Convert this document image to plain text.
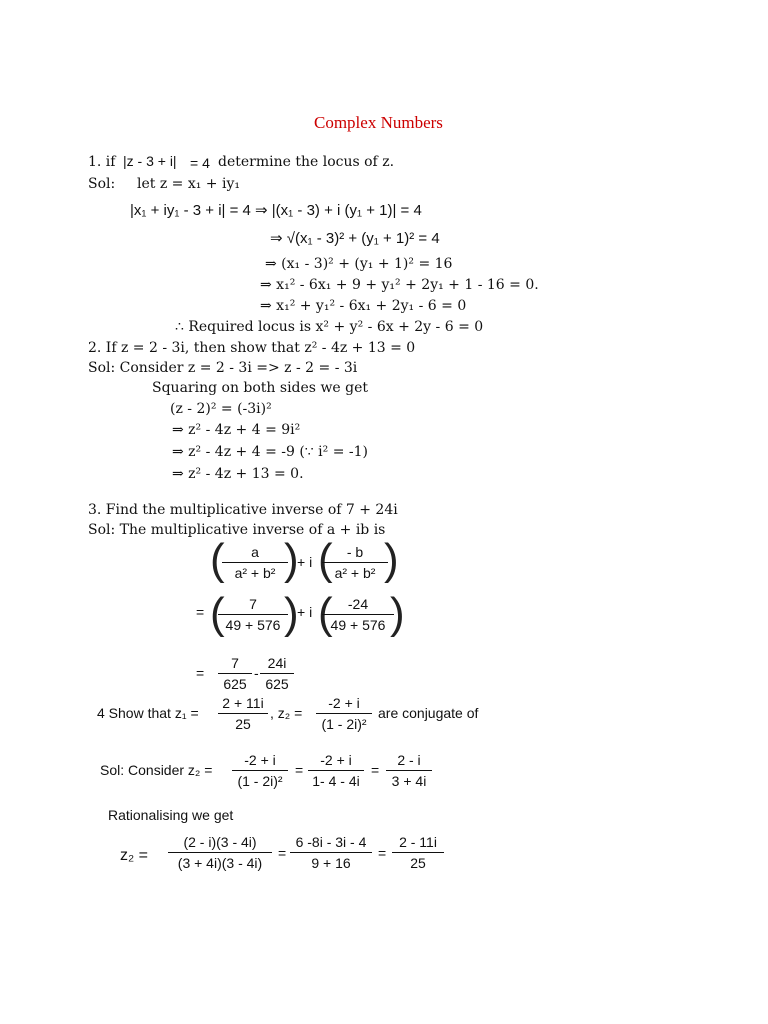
Complex Numbers
1. if |z - 3 + i| = 4 determine the locus of z.
Sol: let z = x₁ + iy₁
|x₁ + iy₁ - 3 + i| = 4 ⇒ |(x₁ - 3) + i (y₁ + 1)| = 4
⇒ √(x₁ - 3)² + (y₁ + 1)² = 4
⇒ (x₁ - 3)² + (y₁ + 1)² = 16
⇒ x₁² - 6x₁ + 9 + y₁² + 2y₁ + 1 - 16 = 0.
⇒ x₁² + y₁² - 6x₁ + 2y₁ - 6 = 0
∴ Required locus is x² + y² - 6x + 2y - 6 = 0
2. If z = 2 - 3i, then show that z² - 4z + 13 = 0
Sol: Consider z = 2 - 3i => z - 2 = - 3i
Squaring on both sides we get
(z - 2)² = (-3i)²
⇒ z² - 4z + 4 = 9i²
⇒ z² - 4z + 4 = -9 (∵ i² = -1)
⇒ z² - 4z + 13 = 0.
3. Find the multiplicative inverse of 7 + 24i
Sol: The multiplicative inverse of a + ib is
(	a
a² + b² )
+ i (	- b
a² + b² )
= (	7
49 + 576 )
+ i (	-24
49 + 576 )
=
7
625
-
24i
625
4 Show that z₁ =
2 + 11i
25
, z₂ =
-2 + i
(1 - 2i)²
are conjugate of
Sol: Consider z₂ =
-2 + i
(1 - 2i)²
=
-2 + i
1- 4 - 4i
=
2 - i
3 + 4i
Rationalising we get
z₂ =
(2 - i)(3 - 4i)
(3 + 4i)(3 - 4i)
=
6 -8i - 3i - 4
9 + 16
=
2 - 11i
25
